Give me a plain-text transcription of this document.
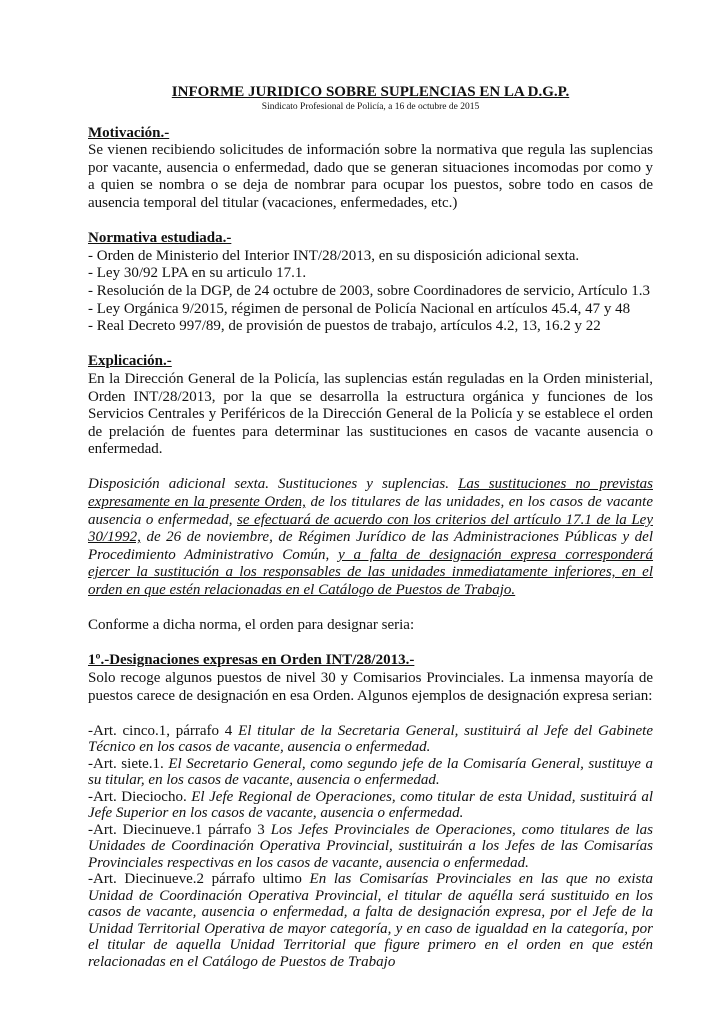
INFORME JURIDICO SOBRE SUPLENCIAS EN LA D.G.P.

Sindicato Profesional de Policía, a 16 de octubre de 2015

Motivación.-

Se vienen recibiendo solicitudes de información sobre la normativa que regula las suplencias por vacante, ausencia o enfermedad, dado que se generan situaciones incomodas por como y a quien se nombra o se deja de nombrar para ocupar los puestos, sobre todo en casos de ausencia temporal del titular (vacaciones, enfermedades, etc.)

Normativa estudiada.-

- Orden de Ministerio del Interior INT/28/2013, en su disposición adicional sexta.

- Ley 30/92 LPA en su articulo 17.1.

- Resolución de la DGP, de 24 octubre de 2003, sobre Coordinadores de servicio, Artículo 1.3

- Ley Orgánica 9/2015, régimen de personal de Policía Nacional en artículos 45.4, 47 y 48

- Real Decreto 997/89, de provisión de puestos de trabajo, artículos 4.2, 13, 16.2 y 22

Explicación.-

En la Dirección General de la Policía, las suplencias están reguladas en la Orden ministerial, Orden INT/28/2013, por la que se desarrolla la estructura orgánica y funciones de los Servicios Centrales y Periféricos de la Dirección General de la Policía y se establece el orden de prelación de fuentes para determinar las sustituciones en casos de vacante ausencia o enfermedad.

Disposición adicional sexta. Sustituciones y suplencias. Las sustituciones no previstas expresamente en la presente Orden, de los titulares de las unidades, en los casos de vacante ausencia o enfermedad, se efectuará de acuerdo con los criterios del artículo 17.1 de la Ley 30/1992, de 26 de noviembre, de Régimen Jurídico de las Administraciones Públicas y del Procedimiento Administrativo Común, y a falta de designación expresa corresponderá ejercer la sustitución a los responsables de las unidades inmediatamente inferiores, en el orden en que estén relacionadas en el Catálogo de Puestos de Trabajo.

Conforme a dicha norma, el orden para designar seria:

1º.-Designaciones expresas en Orden INT/28/2013.-

Solo recoge algunos puestos de nivel 30 y Comisarios Provinciales. La inmensa mayoría de puestos carece de designación en esa Orden. Algunos ejemplos de designación expresa serian:

-Art. cinco.1, párrafo 4 El titular de la Secretaria General, sustituirá al Jefe del Gabinete Técnico en los casos de vacante, ausencia o enfermedad.

-Art. siete.1. El Secretario General, como segundo jefe de la Comisaría General, sustituye a su titular, en los casos de vacante, ausencia o enfermedad.

-Art. Dieciocho. El Jefe Regional de Operaciones, como titular de esta Unidad, sustituirá al Jefe Superior en los casos de vacante, ausencia o enfermedad.

-Art. Diecinueve.1 párrafo 3 Los Jefes Provinciales de Operaciones, como titulares de las Unidades de Coordinación Operativa Provincial, sustituirán a los Jefes de las Comisarías Provinciales respectivas en los casos de vacante, ausencia o enfermedad.

-Art. Diecinueve.2 párrafo ultimo En las Comisarías Provinciales en las que no exista Unidad de Coordinación Operativa Provincial, el titular de aquélla será sustituido en los casos de vacante, ausencia o enfermedad, a falta de designación expresa, por el Jefe de la Unidad Territorial Operativa de mayor categoría, y en caso de igualdad en la categoría, por el titular de aquella Unidad Territorial que figure primero en el orden en que estén relacionadas en el Catálogo de Puestos de Trabajo
